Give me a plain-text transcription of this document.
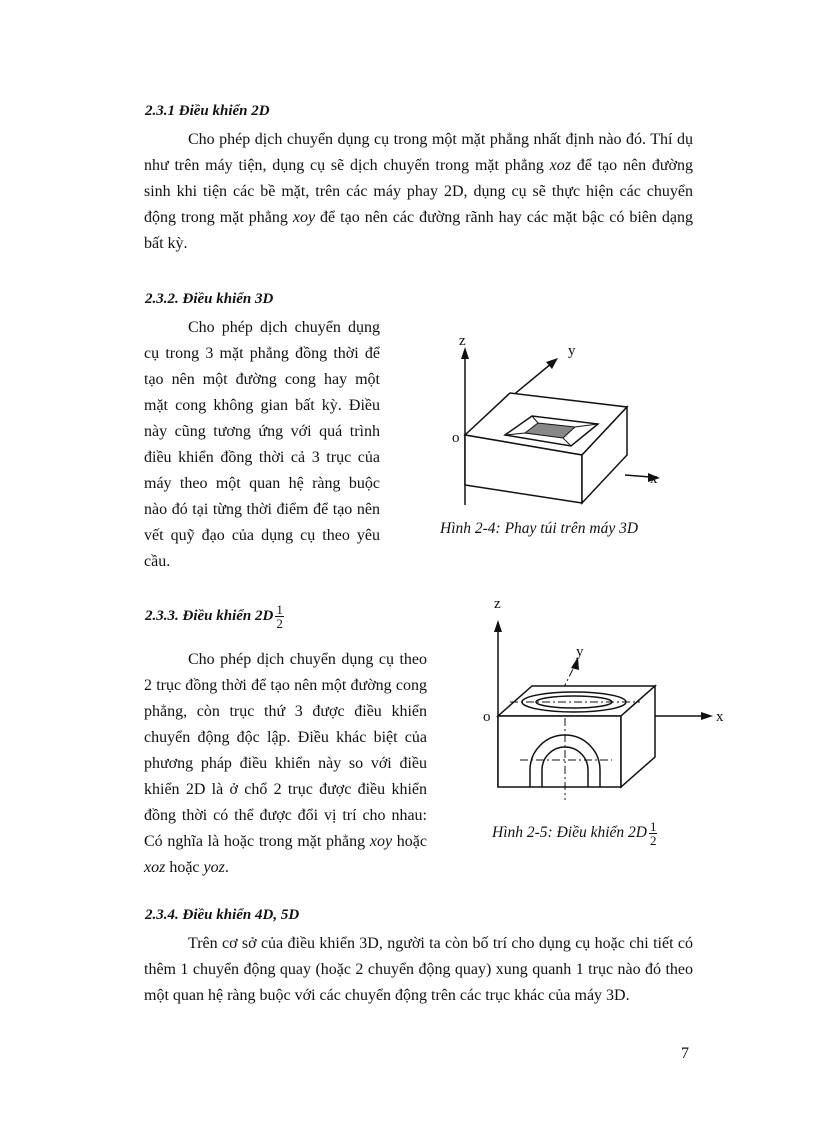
2.3.1 Điều khiển 2D

Cho phép dịch chuyển dụng cụ trong một mặt phẳng nhất định nào đó. Thí dụ như trên máy tiện, dụng cụ sẽ dịch chuyển trong mặt phẳng xoz để tạo nên đường sinh khi tiện các bề mặt, trên các máy phay 2D, dụng cụ sẽ thực hiện các chuyển động trong mặt phẳng xoy để tạo nên các đường rãnh hay các mặt bậc có biên dạng bất kỳ.

2.3.2. Điều khiển 3D

Cho phép dịch chuyển dụng cụ trong 3 mặt phẳng đồng thời để tạo nên một đường cong hay một mặt cong không gian bất kỳ. Điều này cũng tương ứng với quá trình điều khiển đồng thời cả 3 trục của máy theo một quan hệ ràng buộc nào đó tại từng thời điểm để tạo nên vết quỹ đạo của dụng cụ theo yêu cầu.

z
y
x
o
Hình 2-4: Phay túi trên máy 3D
2.3.3. Điều khiển $2D \frac{1}{2}$

Cho phép dịch chuyển dụng cụ theo 2 trục đồng thời để tạo nên một đường cong phẳng, còn trục thứ 3 được điều khiển chuyển động độc lập. Điều khác biệt của phương pháp điều khiển này so với điều khiển 2D là ở chổ 2 trục được điều khiển đồng thời có thể được đổi vị trí cho nhau: Có nghĩa là hoặc trong mặt phẳng xoy hoặc xoz hoặc yoz.

z
y
x
o
Hình 2-5: Điều khiển $2D \frac{1}{2}$
2.3.4. Điều khiển 4D, 5D

Trên cơ sở của điều khiển 3D, người ta còn bố trí cho dụng cụ hoặc chi tiết có thêm 1 chuyển động quay (hoặc 2 chuyển động quay) xung quanh 1 trục nào đó theo một quan hệ ràng buộc với các chuyển động trên các trục khác của máy 3D.

7
